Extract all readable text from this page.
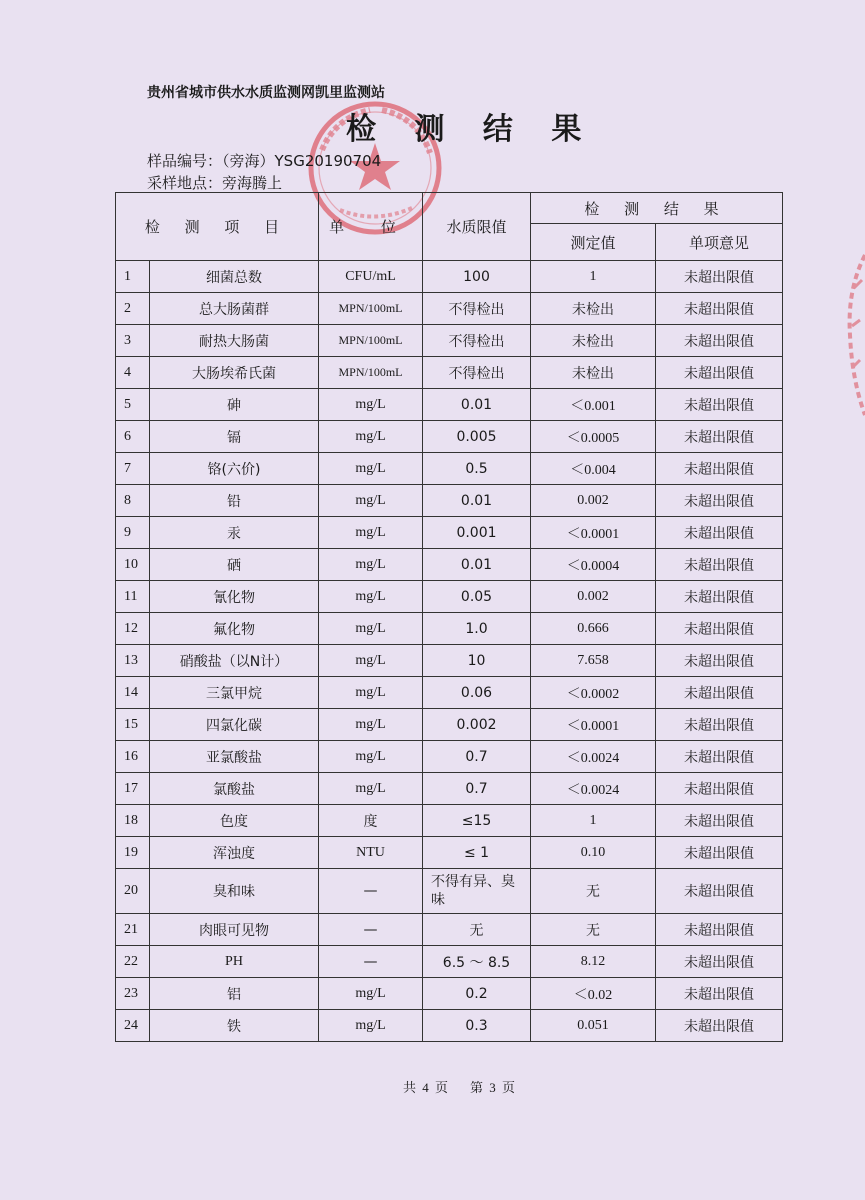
贵州省城市供水水质监测网凯里监测站
检 测 结 果
样品编号：（旁海）YSG20190704
采样地点：旁海腾上
检 测 项 目		单 位	水质限值	检 测 结 果	
				测定值	单项意见
1	细菌总数	CFU/mL	100	1	未超出限值
2	总大肠菌群	MPN/100mL	不得检出	未检出	未超出限值
3	耐热大肠菌	MPN/100mL	不得检出	未检出	未超出限值
4	大肠埃希氏菌	MPN/100mL	不得检出	未检出	未超出限值
5	砷	mg/L	0.01	＜0.001	未超出限值
6	镉	mg/L	0.005	＜0.0005	未超出限值
7	铬(六价)	mg/L	0.5	＜0.004	未超出限值
8	铅	mg/L	0.01	0.002	未超出限值
9	汞	mg/L	0.001	＜0.0001	未超出限值
10	硒	mg/L	0.01	＜0.0004	未超出限值
11	氰化物	mg/L	0.05	0.002	未超出限值
12	氟化物	mg/L	1.0	0.666	未超出限值
13	硝酸盐（以N计）	mg/L	10	7.658	未超出限值
14	三氯甲烷	mg/L	0.06	＜0.0002	未超出限值
15	四氯化碳	mg/L	0.002	＜0.0001	未超出限值
16	亚氯酸盐	mg/L	0.7	＜0.0024	未超出限值
17	氯酸盐	mg/L	0.7	＜0.0024	未超出限值
18	色度	度	≤15	1	未超出限值
19	浑浊度	NTU	≤ 1	0.10	未超出限值
20	臭和味	—	不得有异、臭味	无	未超出限值
21	肉眼可见物	—	无	无	未超出限值
22	PH	—	6.5 ～ 8.5	8.12	未超出限值
23	铝	mg/L	0.2	＜0.02	未超出限值
24	铁	mg/L	0.3	0.051	未超出限值
共 4 页 第 3 页
